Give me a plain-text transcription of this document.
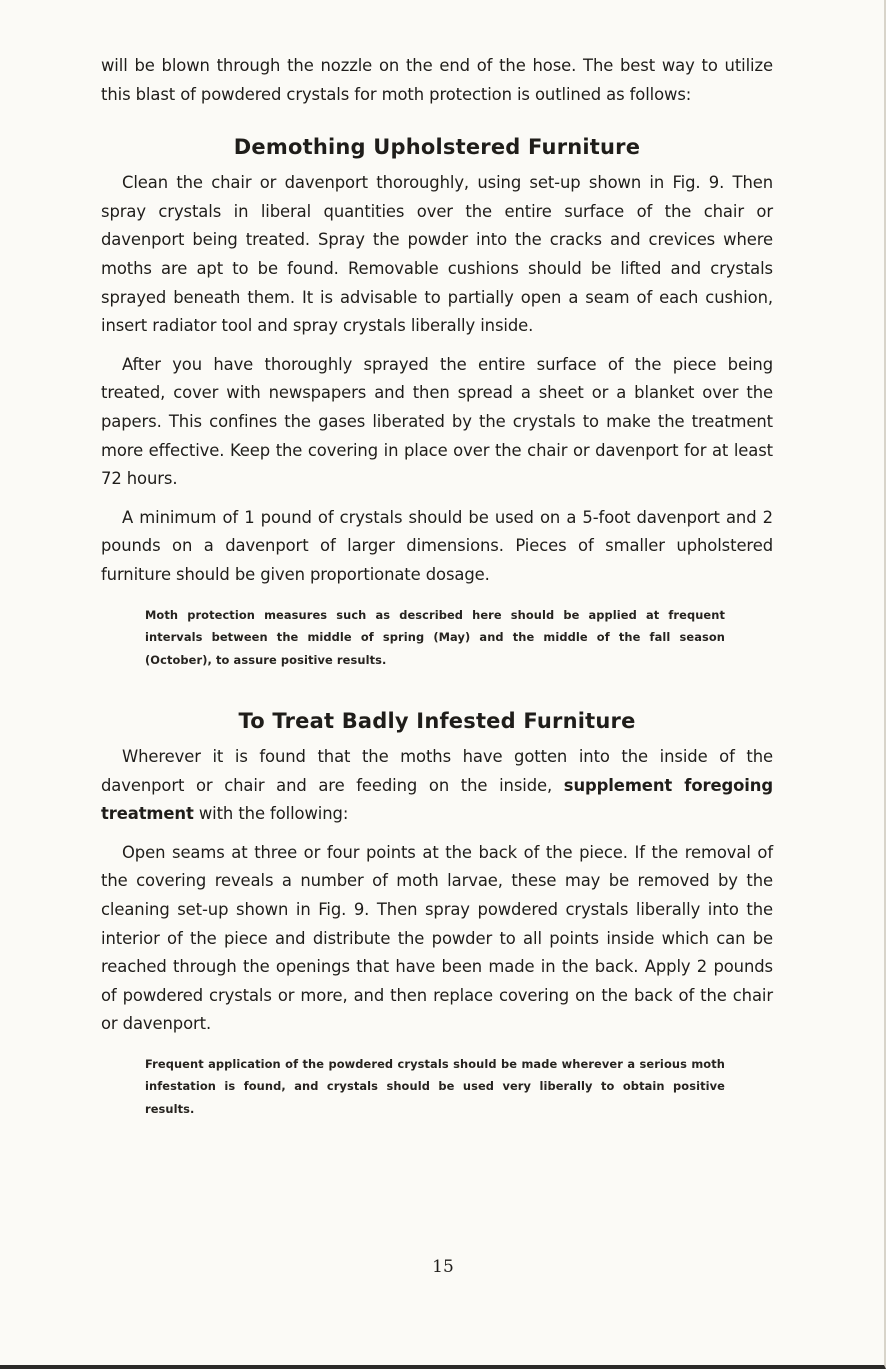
will be blown through the nozzle on the end of the hose. The best way to utilize this blast of powdered crystals for moth protection is outlined as follows:

Demothing Upholstered Furniture

Clean the chair or davenport thoroughly, using set-up shown in Fig. 9. Then spray crystals in liberal quantities over the entire surface of the chair or davenport being treated. Spray the powder into the cracks and crevices where moths are apt to be found. Removable cushions should be lifted and crystals sprayed beneath them. It is advisable to partially open a seam of each cushion, insert radiator tool and spray crystals liberally inside.

After you have thoroughly sprayed the entire surface of the piece being treated, cover with newspapers and then spread a sheet or a blanket over the papers. This confines the gases liberated by the crystals to make the treatment more effective. Keep the covering in place over the chair or davenport for at least 72 hours.

A minimum of 1 pound of crystals should be used on a 5-foot davenport and 2 pounds on a davenport of larger dimensions. Pieces of smaller upholstered furniture should be given proportionate dosage.

Moth protection measures such as described here should be applied at frequent intervals between the middle of spring (May) and the middle of the fall season (October), to assure positive results.
To Treat Badly Infested Furniture

Wherever it is found that the moths have gotten into the inside of the davenport or chair and are feeding on the inside, supplement foregoing treatment with the following:

Open seams at three or four points at the back of the piece. If the removal of the covering reveals a number of moth larvae, these may be removed by the cleaning set-up shown in Fig. 9. Then spray powdered crystals liberally into the interior of the piece and distribute the powder to all points inside which can be reached through the openings that have been made in the back. Apply 2 pounds of powdered crystals or more, and then replace covering on the back of the chair or davenport.

Frequent application of the powdered crystals should be made wherever a serious moth infestation is found, and crystals should be used very liberally to obtain positive results.
15
